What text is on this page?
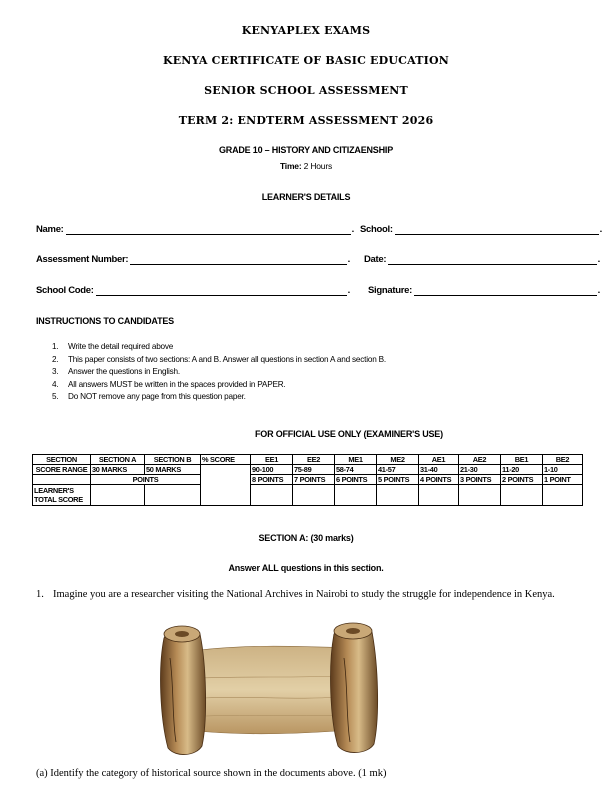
KENYAPLEX EXAMS
KENYA CERTIFICATE OF BASIC EDUCATION
SENIOR SCHOOL ASSESSMENT
TERM 2: ENDTERM ASSESSMENT 2026
GRADE 10 – HISTORY AND CITIZAENSHIP
Time: 2 Hours
LEARNER'S DETAILS
Name:	. School:	.
Assessment Number:	. Date:	.
School Code:	. Signature:	.
INSTRUCTIONS TO CANDIDATES
1.	Write the detail required above
2.	This paper consists of two sections: A and B. Answer all questions in section A and section B.
3.	Answer the questions in English.
4.	All answers MUST be written in the spaces provided in PAPER.
5.	Do NOT remove any page from this question paper.
FOR OFFICIAL USE ONLY (EXAMINER'S USE)
SECTION	SECTION A	SECTION B	% SCORE	EE1	EE2	ME1	ME2	AE1	AE2	BE1	BE2
SCORE RANGE	30 MARKS	50 MARKS		90-100	75-89	58-74	41-57	31-40	21-30	11-20	1-10
	POINTS			8 POINTS	7 POINTS	6 POINTS	5 POINTS	4 POINTS	3 POINTS	2 POINTS	1 POINT
LEARNER'S TOTAL SCORE											
SECTION A: (30 marks)
Answer ALL questions in this section.
1. Imagine you are a researcher visiting the National Archives in Nairobi to study the struggle for independence in Kenya.
(a) Identify the category of historical source shown in the documents above. (1 mk)
